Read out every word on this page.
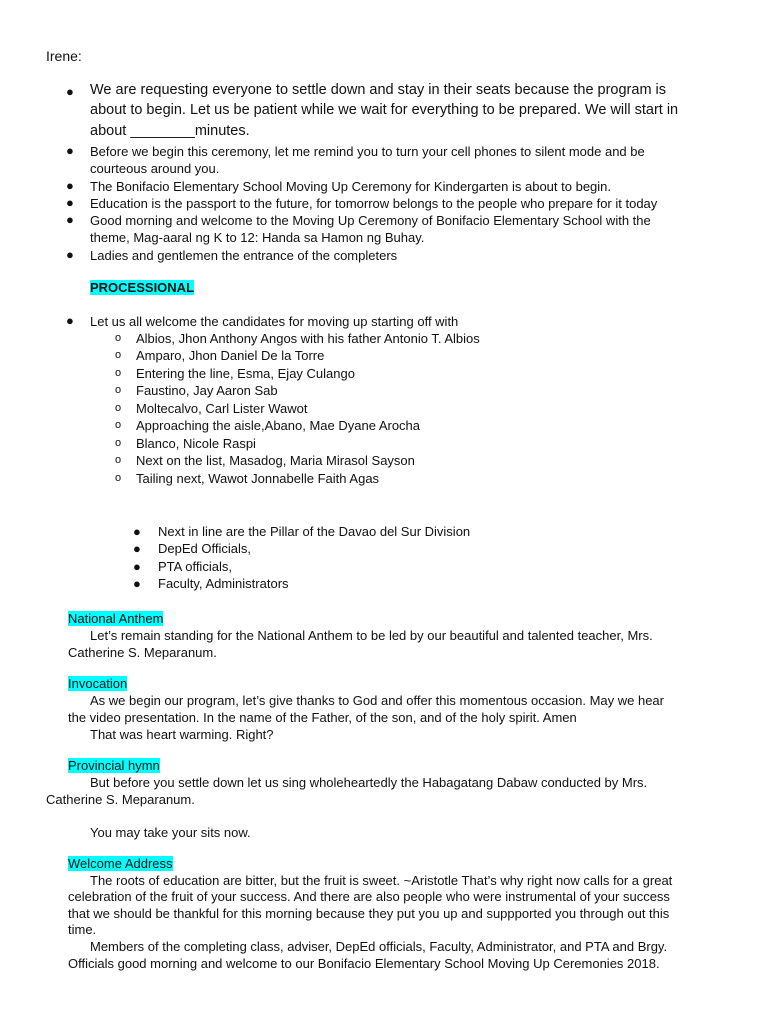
Irene:
● We are requesting everyone to settle down and stay in their seats because the program is
about to begin. Let us be patient while we wait for everything to be prepared. We will start in
about ________minutes.
● Before we begin this ceremony, let me remind you to turn your cell phones to silent mode and be
courteous around you.
● The Bonifacio Elementary School Moving Up Ceremony for Kindergarten is about to begin.
● Education is the passport to the future, for tomorrow belongs to the people who prepare for it today
● Good morning and welcome to the Moving Up Ceremony of Bonifacio Elementary School with the
theme, Mag-aaral ng K to 12: Handa sa Hamon ng Buhay.
● Ladies and gentlemen the entrance of the completers
PROCESSIONAL
● Let us all welcome the candidates for moving up starting off with
o Albios, Jhon Anthony Angos with his father Antonio T. Albios
o Amparo, Jhon Daniel De la Torre
o Entering the line, Esma, Ejay Culango
o Faustino, Jay Aaron Sab
o Moltecalvo, Carl Lister Wawot
o Approaching the aisle,Abano, Mae Dyane Arocha
o Blanco, Nicole Raspi
o Next on the list, Masadog, Maria Mirasol Sayson
o Tailing next, Wawot Jonnabelle Faith Agas
● Next in line are the Pillar of the Davao del Sur Division
● DepEd Officials,
● PTA officials,
● Faculty, Administrators
National Anthem
Let’s remain standing for the National Anthem to be led by our beautiful and talented teacher, Mrs.
Catherine S. Meparanum.
Invocation
As we begin our program, let’s give thanks to God and offer this momentous occasion. May we hear
the video presentation. In the name of the Father, of the son, and of the holy spirit. Amen
That was heart warming. Right?
Provincial hymn
But before you settle down let us sing wholeheartedly the Habagatang Dabaw conducted by Mrs.
Catherine S. Meparanum.
You may take your sits now.
Welcome Address
The roots of education are bitter, but the fruit is sweet. ~Aristotle That’s why right now calls for a great
celebration of the fruit of your success. And there are also people who were instrumental of your success
that we should be thankful for this morning because they put you up and suppported you through out this
time.
Members of the completing class, adviser, DepEd officials, Faculty, Administrator, and PTA and Brgy.
Officials good morning and welcome to our Bonifacio Elementary School Moving Up Ceremonies 2018.
